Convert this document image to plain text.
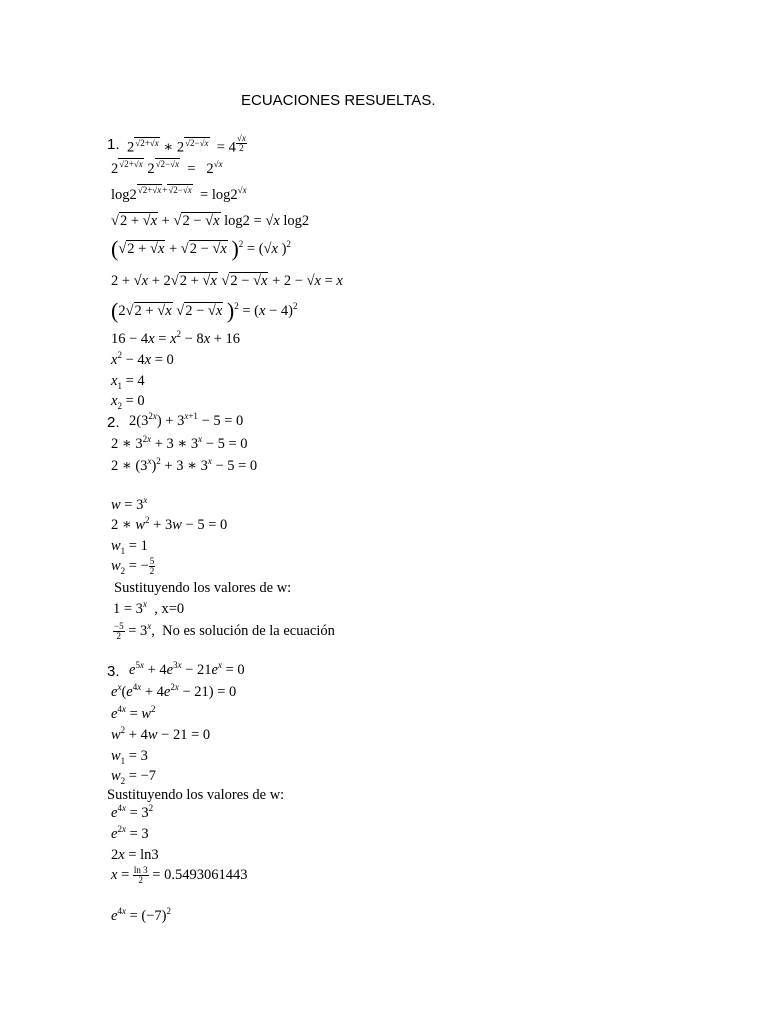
ECUACIONES RESUELTAS.
1. $2^{√2+√x}$ ∗ $2^{√2-√x} = 4$ $^{\frac{√x}{2}}$
$2^{√2+√x}$ $2^{√2-√x} = 2^{√x}$
$\log 2^{√2+√x+√2-√x} = \log 2^{√x}$
√2 + √x + √2 − √x log2 = √x log2
(√2 + √x + √2 − √x )$^2$ = (√x )$^2$
2 + √x + 2√2 + √x √2 − √x + 2 − √x = x
(2√2 + √x √2 − √x )$^2 = (x - 4)^2$
$16 - 4x = x^2 - 8x + 16$
$x^2 - 4x = 0$
$x_1 = 4$
$x_2 = 0$
2. $2(3^{2x}) + 3^{x+1} - 5 = 0$
2 ∗ $3^{2x} + 3$ ∗ $3^x - 5 = 0$
2 ∗ $(3^x)^2 + 3$ ∗ $3^x - 5 = 0$
$w = 3^x$
2 ∗ $w^2 + 3w - 5 = 0$
$w_1 = 1$
$w_2$ = − $\frac{5}{2}$
Sustituyendo los valores de w:
$1 = 3^x$ , x=0
$\frac{-5}{2} = 3^x$,  No es solución de la ecuación
3. $e^{5x} + 4e^{3x} - 21e^x = 0$
$e^x(e^{4x} + 4e^{2x} - 21) = 0$
$e^{4x} = w^2$
$w^2 + 4w - 21 = 0$
$w_1 = 3$
$w_2 = -7$
Sustituyendo los valores de w:
$e^{4x} = 3^2$
$e^{2x} = 3$
2x = ln3
$x = \frac{\ln 3}{2} = 0.5493061443$
$e^{4x} = (-7)^2$
